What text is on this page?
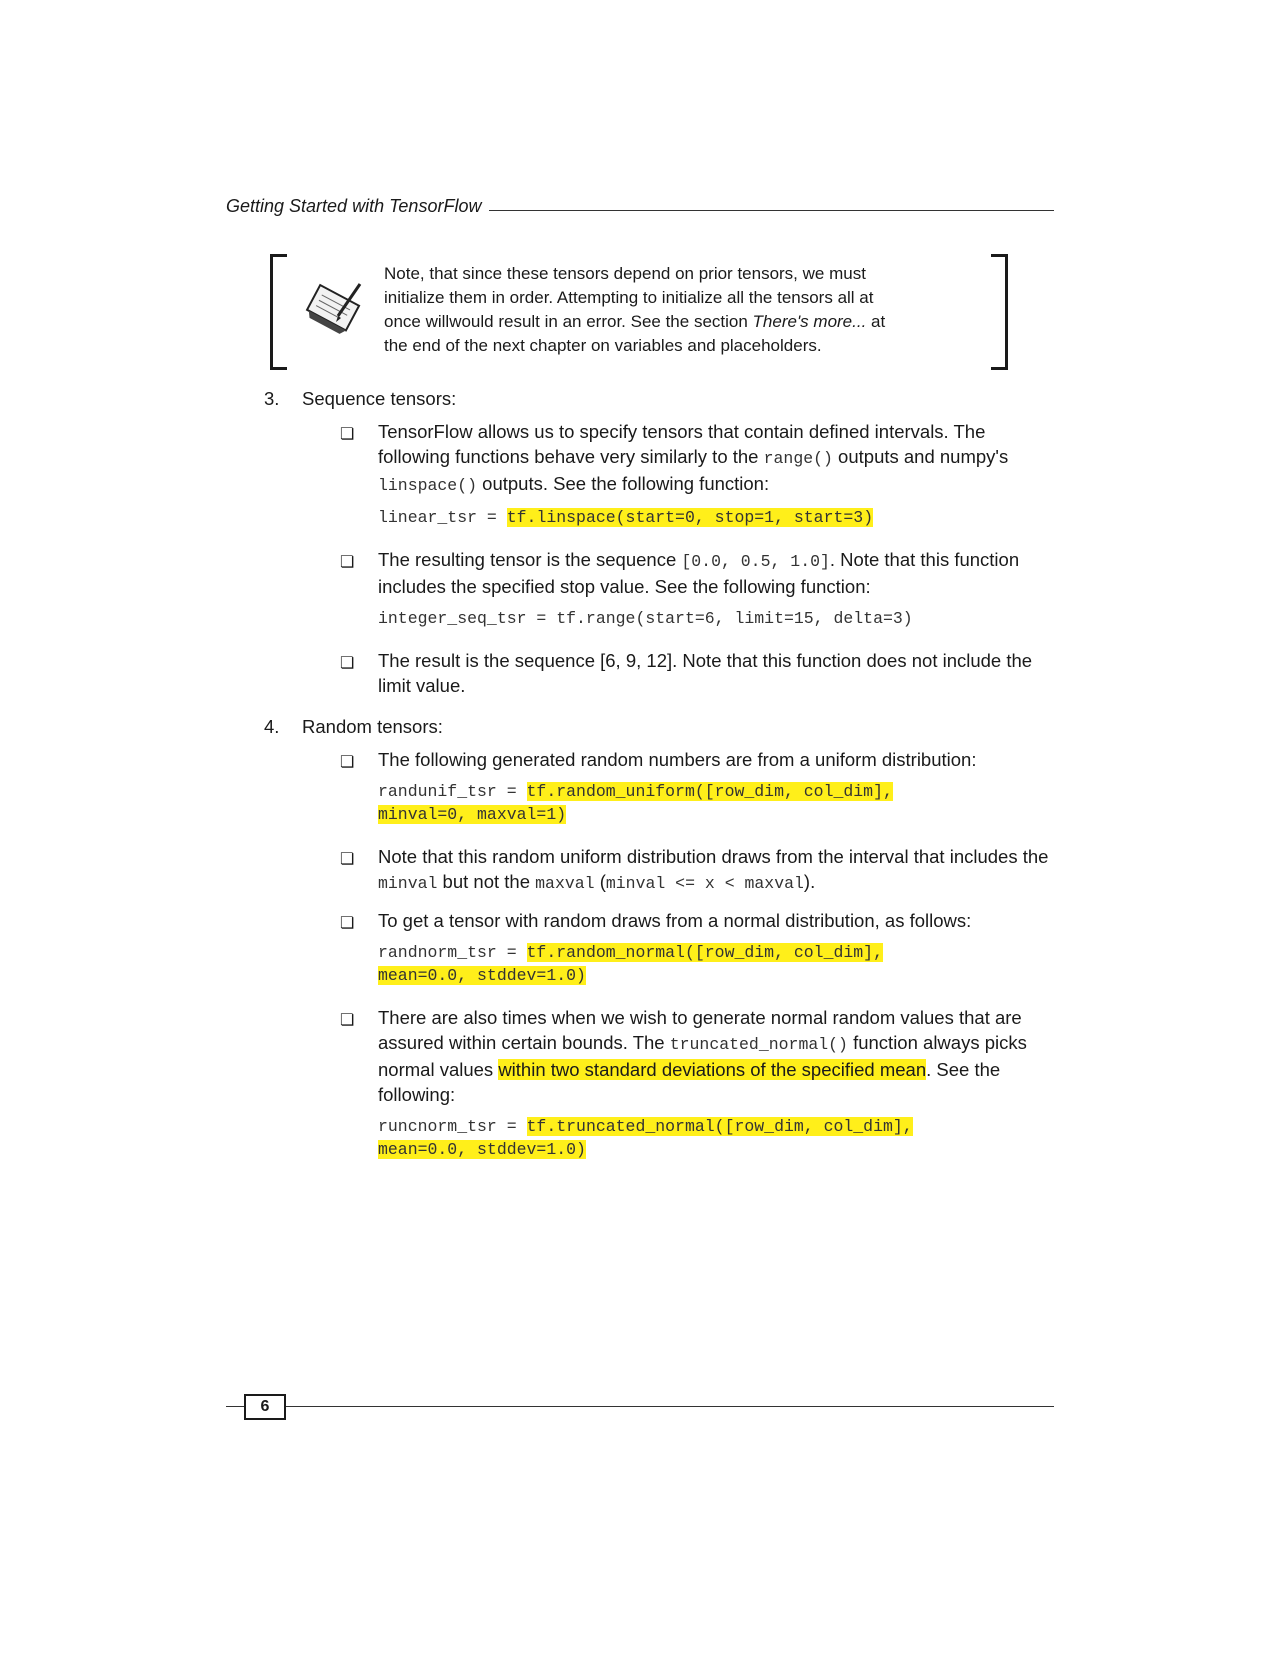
Getting Started with TensorFlow
Note, that since these tensors depend on prior tensors, we must
initialize them in order. Attempting to initialize all the tensors all at
once willwould result in an error. See the section There's more... at
the end of the next chapter on variables and placeholders.
3. Sequence tensors:
❏ TensorFlow allows us to specify tensors that contain defined intervals. The following functions behave very similarly to the range() outputs and numpy's linspace() outputs. See the following function:
linear_tsr = tf.linspace(start=0, stop=1, start=3)
❏ The resulting tensor is the sequence [0.0, 0.5, 1.0]. Note that this function includes the specified stop value. See the following function:
integer_seq_tsr = tf.range(start=6, limit=15, delta=3)
❏ The result is the sequence [6, 9, 12]. Note that this function does not include the limit value.
4. Random tensors:
❏ The following generated random numbers are from a uniform distribution:
randunif_tsr = tf.random_uniform([row_dim, col_dim],
minval=0, maxval=1)
❏ Note that this random uniform distribution draws from the interval that includes the minval but not the maxval (minval <= x < maxval).
❏ To get a tensor with random draws from a normal distribution, as follows:
randnorm_tsr = tf.random_normal([row_dim, col_dim],
mean=0.0, stddev=1.0)
❏ There are also times when we wish to generate normal random values that are assured within certain bounds. The truncated_normal() function always picks normal values within two standard deviations of the specified mean. See the following:
runcnorm_tsr = tf.truncated_normal([row_dim, col_dim],
mean=0.0, stddev=1.0)
6
